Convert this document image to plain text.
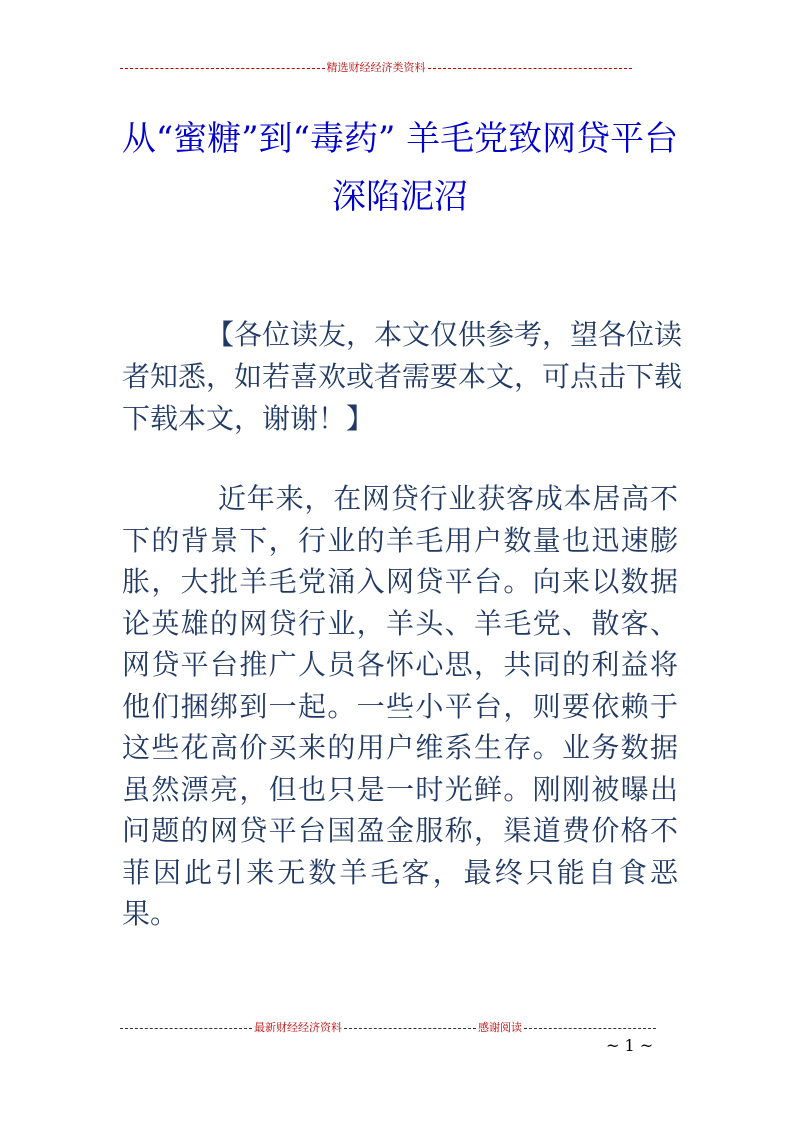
精选财经经济类资料
从“蜜糖”到“毒药” 羊毛党致网贷平台深陷泥沼
【各位读友，本文仅供参考，望各位读者知悉，如若喜欢或者需要本文，可点击下载下载本文，谢谢！】
近年来，在网贷行业获客成本居高不下的背景下，行业的羊毛用户数量也迅速膨胀，大批羊毛党涌入网贷平台。向来以数据论英雄的网贷行业，羊头、羊毛党、散客、网贷平台推广人员各怀心思，共同的利益将他们捆绑到一起。一些小平台，则要依赖于这些花高价买来的用户维系生存。业务数据虽然漂亮，但也只是一时光鲜。刚刚被曝出问题的网贷平台国盈金服称，渠道费价格不菲因此引来无数羊毛客，最终只能自食恶果。
最新财经经济资料	感谢阅读
~ 1 ~
